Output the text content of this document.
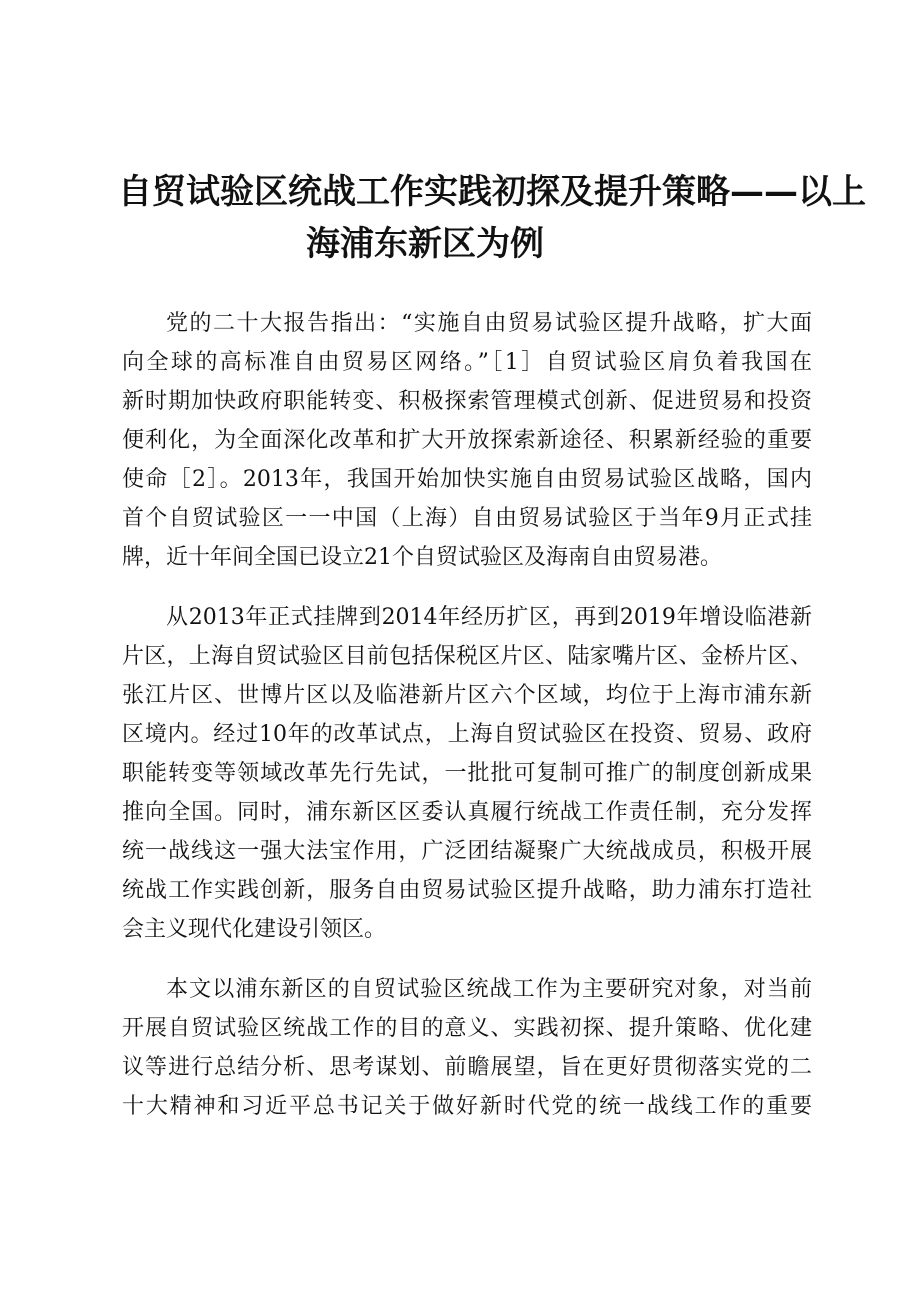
自贸试验区统战工作实践初探及提升策略——以上
海浦东新区为例
党的二十大报告指出：“实施自由贸易试验区提升战略，扩大面
向全球的高标准自由贸易区网络。”［1］自贸试验区肩负着我国在
新时期加快政府职能转变、积极探索管理模式创新、促进贸易和投资
便利化，为全面深化改革和扩大开放探索新途径、积累新经验的重要
使命［2］。2013年，我国开始加快实施自由贸易试验区战略，国内
首个自贸试验区一一中国（上海）自由贸易试验区于当年9月正式挂
牌，近十年间全国已设立21个自贸试验区及海南自由贸易港。
从2013年正式挂牌到2014年经历扩区，再到2019年增设临港新
片区，上海自贸试验区目前包括保税区片区、陆家嘴片区、金桥片区、
张江片区、世博片区以及临港新片区六个区域，均位于上海市浦东新
区境内。经过10年的改革试点，上海自贸试验区在投资、贸易、政府
职能转变等领域改革先行先试，一批批可复制可推广的制度创新成果
推向全国。同时，浦东新区区委认真履行统战工作责任制，充分发挥
统一战线这一强大法宝作用，广泛团结凝聚广大统战成员，积极开展
统战工作实践创新，服务自由贸易试验区提升战略，助力浦东打造社
会主义现代化建设引领区。
本文以浦东新区的自贸试验区统战工作为主要研究对象，对当前
开展自贸试验区统战工作的目的意义、实践初探、提升策略、优化建
议等进行总结分析、思考谋划、前瞻展望，旨在更好贯彻落实党的二
十大精神和习近平总书记关于做好新时代党的统一战线工作的重要
